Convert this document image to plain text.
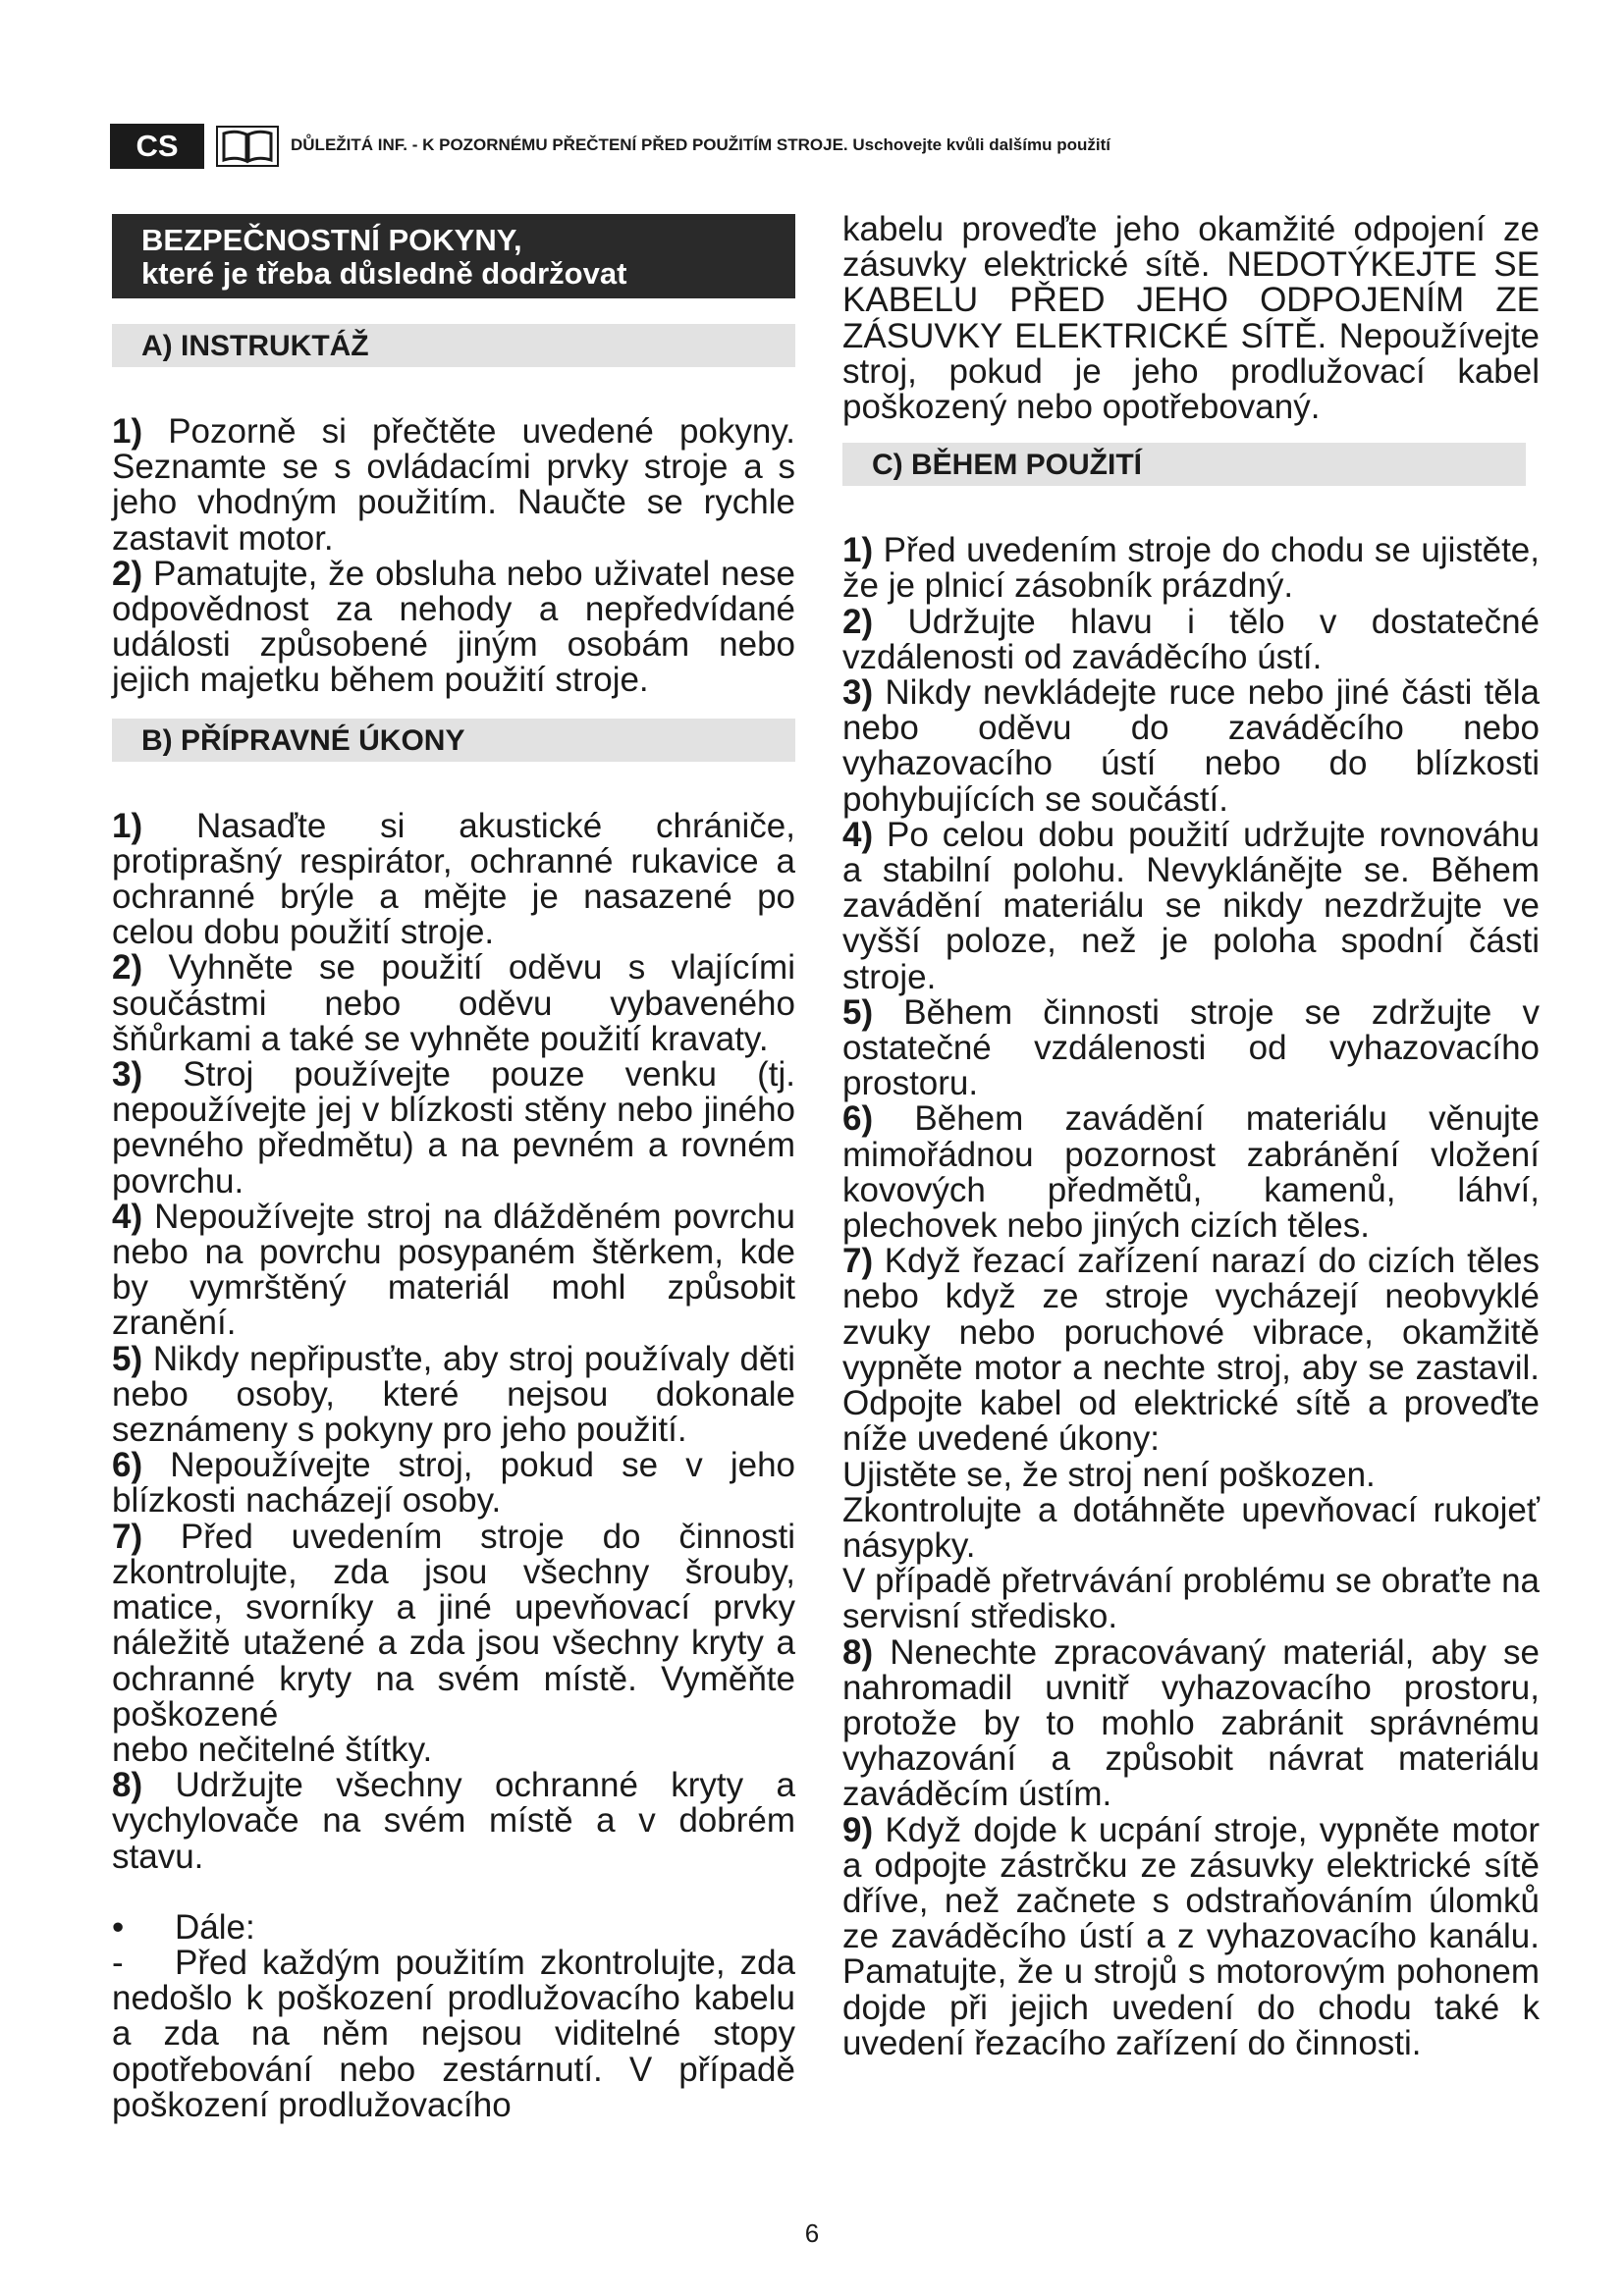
CS	DŮLEŽITÁ INF. - K POZORNÉMU PŘEČTENÍ PŘED POUŽITÍM STROJE. Uschovejte kvůli dalšímu použití
BEZPEČNOSTNÍ POKYNY,
které je třeba důsledně dodržovat
A) INSTRUKTÁŽ

1) Pozorně si přečtěte uvedené pokyny. Seznamte se s ovládacími prvky stroje a s jeho vhodným použitím. Naučte se rychle zastavit motor.

2) Pamatujte, že obsluha nebo uživatel nese odpovědnost za nehody a nepředvídané události způsobené jiným osobám nebo jejich majetku během použití stroje.

B) PŘÍPRAVNÉ ÚKONY

1) Nasaďte si akustické chrániče, protiprašný respirátor, ochranné rukavice a ochranné brýle a mějte je nasazené po celou dobu použití stroje.

2) Vyhněte se použití oděvu s vlajícími součástmi nebo oděvu vybaveného šňůrkami a také se vyhněte použití kravaty.

3) Stroj používejte pouze venku (tj. nepoužívejte jej v blízkosti stěny nebo jiného pevného předmětu) a na pevném a rovném povrchu.

4) Nepoužívejte stroj na dlážděném povrchu nebo na povrchu posypaném štěrkem, kde by vymrštěný materiál mohl způsobit zranění.

5) Nikdy nepřipusťte, aby stroj používaly děti nebo osoby, které nejsou dokonale seznámeny s pokyny pro jeho použití.

6) Nepoužívejte stroj, pokud se v jeho blízkosti nacházejí osoby.

7) Před uvedením stroje do činnosti zkontrolujte, zda jsou všechny šrouby, matice, svorníky a jiné upevňovací prvky náležitě utažené a zda jsou všechny kryty a ochranné kryty na svém místě. Vyměňte poškozené

nebo nečitelné štítky.

8) Udržujte všechny ochranné kryty a vychylovače na svém místě a v dobrém stavu.

•	Dále:

- Před každým použitím zkontrolujte, zda nedošlo k poškození prodlužovacího kabelu a zda na něm nejsou viditelné stopy opotřebování nebo zestárnutí. V případě poškození prodlužovacího

kabelu proveďte jeho okamžité odpojení ze zásuvky elektrické sítě. NEDOTÝKEJTE SE KABELU PŘED JEHO ODPOJENÍM ZE ZÁSUVKY ELEKTRICKÉ SÍTĚ. Nepoužívejte stroj, pokud je jeho prodlužovací kabel poškozený nebo opotřebovaný.

C) BĚHEM POUŽITÍ

1) Před uvedením stroje do chodu se ujistěte, že je plnicí zásobník prázdný.

2) Udržujte hlavu i tělo v dostatečné vzdálenosti od zaváděcího ústí.

3) Nikdy nevkládejte ruce nebo jiné části těla nebo oděvu do zaváděcího nebo vyhazovacího ústí nebo do blízkosti pohybujících se součástí.

4) Po celou dobu použití udržujte rovnováhu a stabilní polohu. Nevyklánějte se. Během zavádění materiálu se nikdy nezdržujte ve vyšší poloze, než je poloha spodní části stroje.

5) Během činnosti stroje se zdržujte v ostatečné vzdálenosti od vyhazovacího prostoru.

6) Během zavádění materiálu věnujte mimořádnou pozornost zabránění vložení kovových předmětů, kamenů, láhví, plechovek nebo jiných cizích těles.

7) Když řezací zařízení narazí do cizích těles nebo když ze stroje vycházejí neobvyklé zvuky nebo poruchové vibrace, okamžitě vypněte motor a nechte stroj, aby se zastavil. Odpojte kabel od elektrické sítě a proveďte níže uvedené úkony:

Ujistěte se, že stroj není poškozen.

Zkontrolujte a dotáhněte upevňovací rukojeť násypky.

V případě přetrvávání problému se obraťte na servisní středisko.

8) Nenechte zpracovávaný materiál, aby se nahromadil uvnitř vyhazovacího prostoru, protože by to mohlo zabránit správnému vyhazování a způsobit návrat materiálu zaváděcím ústím.

9) Když dojde k ucpání stroje, vypněte motor a odpojte zástrčku ze zásuvky elektrické sítě dříve, než začnete s odstraňováním úlomků ze zaváděcího ústí a z vyhazovacího kanálu. Pamatujte, že u strojů s motorovým pohonem dojde při jejich uvedení do chodu také k uvedení řezacího zařízení do činnosti.

6
